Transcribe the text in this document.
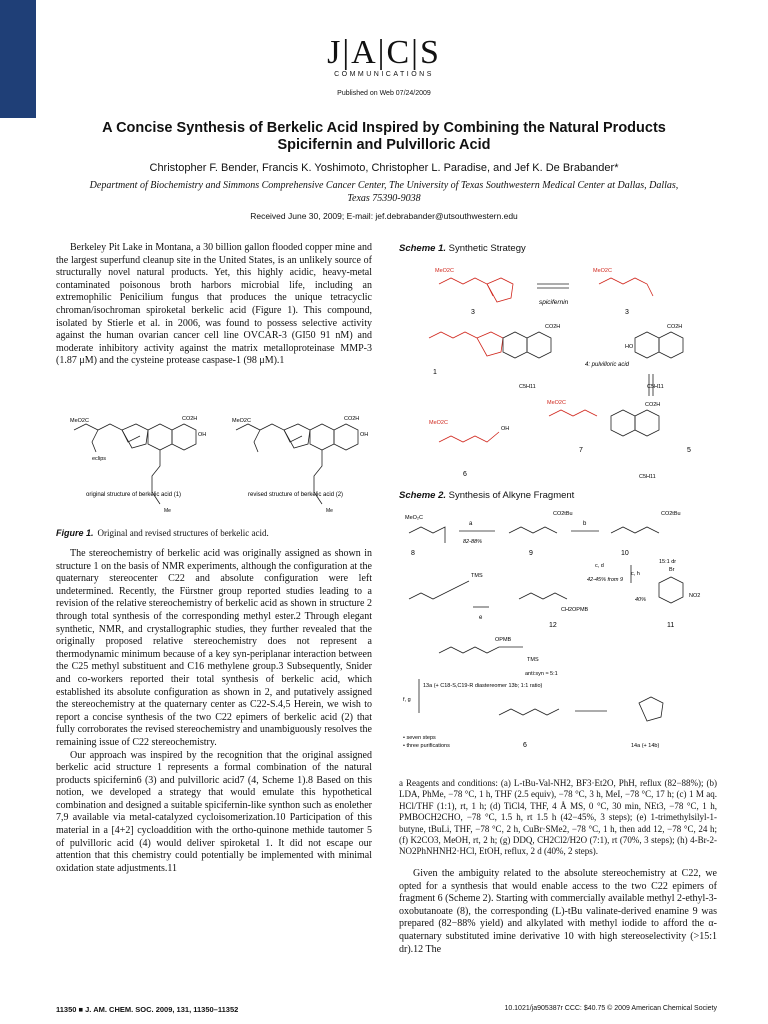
J|A|C|S
COMMUNICATIONS
Published on Web 07/24/2009
A Concise Synthesis of Berkelic Acid Inspired by Combining the Natural Products Spicifernin and Pulvilloric Acid
Christopher F. Bender, Francis K. Yoshimoto, Christopher L. Paradise, and Jef K. De Brabander*
Department of Biochemistry and Simmons Comprehensive Cancer Center, The University of Texas Southwestern Medical Center at Dallas, Dallas, Texas 75390-9038
Received June 30, 2009; E-mail: jef.debrabander@utsouthwestern.edu

Berkeley Pit Lake in Montana, a 30 billion gallon flooded copper mine and the largest superfund cleanup site in the United States, is an unlikely source of structurally novel natural products. Yet, this highly acidic, heavy-metal contaminated poisonous broth harbors microbial life, including an extremophilic Penicilium fungus that produces the unique tetracyclic chroman/isochroman spiroketal berkelic acid (Figure 1). This compound, isolated by Stierle et al. in 2006, was found to possess selective activity against the human ovarian cancer cell line OVCAR-3 (GI50 91 nM) and moderate inhibitory activity against the matrix metalloproteinase MMP-3 (1.87 μM) and the cysteine protease caspase-1 (98 μM).1

MeO2C	CO2H
OH
eclips
MeO2C	CO2H
OH
original structure of berkelic acid (1)	revised structure of berkelic acid (2)
Me	Me
Figure 1. Original and revised structures of berkelic acid.

The stereochemistry of berkelic acid was originally assigned as shown in structure 1 on the basis of NMR experiments, although the configuration at the quaternary stereocenter C22 and absolute configuration were left undetermined. Recently, the Fürstner group reported studies leading to a revision of the relative stereochemistry of berkelic acid as shown in structure 2 through total synthesis of the corresponding methyl ester.2 Through elegant synthetic, NMR, and crystallographic studies, they further revealed that the originally proposed relative stereochemistry does not represent a thermodynamic minimum because of a key syn-periplanar interaction between the C25 methyl substituent and C16 methylene group.3 Subsequently, Snider and co-workers reported their total synthesis of berkelic acid, which established its absolute configuration as shown in 2, and putatively assigned the stereochemistry at the quaternary center as C22-S.4,5 Herein, we wish to report a concise synthesis of the two C22 epimers of berkelic acid (2) that fully corroborates the revised stereochemistry and unambiguously resolves the remaining issue of C22 stereochemistry.

Our approach was inspired by the recognition that the original assigned berkelic acid structure 1 represents a formal combination of the natural products spicifernin6 (3) and pulvilloric acid7 (4, Scheme 1).8 Based on this notion, we developed a strategy that would emulate this hypothetical combination and designed a suitable spicifernin-like synthon such as enolether 7,9 available via metal-catalyzed cycloisomerization.10 Participation of this material in a [4+2] cycloaddition with the ortho-quinone methide tautomer 5 of pulvilloric acid (4) would deliver spiroketal 1. It did not escape our attention that this chemistry could potentially be implemented with minimal oxidation state adjustments.11

Scheme 1. Synthetic Strategy
MeO2C	MeO2C
spicifernin
3	3
CO2H	CO2H
HO
4: pulvilloric acid
1
C5H11	C5H11
MeO2C
MeO2C
OH
CO2H
7	5
6	C5H11
Scheme 2. Synthesis of Alkyne Fragment
MeO₂C
a
82-88%
b
CO2tBu	CO2tBu
8	9	10
15:1 dr
c, d
42-45% from 9
c, h
40%
Br
NO2
TMS
e
CH2OPMB
12	11
OPMB
TMS
anti:syn ≈ 5:1
13a (+ C18-S,C19-R diastereomer 13b; 1:1 ratio)
f, g
• seven steps
• three purifications	6	14a (+ 14b)
a Reagents and conditions: (a) L-tBu-Val-NH2, BF3·Et2O, PhH, reflux (82−88%); (b) LDA, PhMe, −78 °C, 1 h, THF (2.5 equiv), −78 °C, 3 h, MeI, −78 °C, 17 h; (c) 1 M aq. HCl/THF (1:1), rt, 1 h; (d) TiCl4, THF, 4 Å MS, 0 °C, 30 min, NEt3, −78 °C, 1 h, PMBOCH2CHO, −78 °C, 1.5 h, rt 1.5 h (42−45%, 3 steps); (e) 1-trimethylsilyl-1-butyne, tBuLi, THF, −78 °C, 2 h, CuBr·SMe2, −78 °C, 1 h, then add 12, −78 °C, 24 h; (f) K2CO3, MeOH, rt, 2 h; (g) DDQ, CH2Cl2/H2O (7:1), rt (70%, 3 steps); (h) 4-Br-2-NO2PhNHNH2·HCl, EtOH, reflux, 2 d (40%, 2 steps).

Given the ambiguity related to the absolute stereochemistry at C22, we opted for a synthesis that would enable access to the two C22 epimers of fragment 6 (Scheme 2). Starting with commercially available methyl 2-ethyl-3-oxobutanoate (8), the corresponding (L)-tBu valinate-derived enamine 9 was prepared (82−88% yield) and alkylated with methyl iodide to afford the α-quaternary substituted imine derivative 10 with high stereoselectivity (>15:1 dr).12 The

11350 ■ J. AM. CHEM. SOC. 2009, 131, 11350–11352	10.1021/ja905387r CCC: $40.75 © 2009 American Chemical Society
